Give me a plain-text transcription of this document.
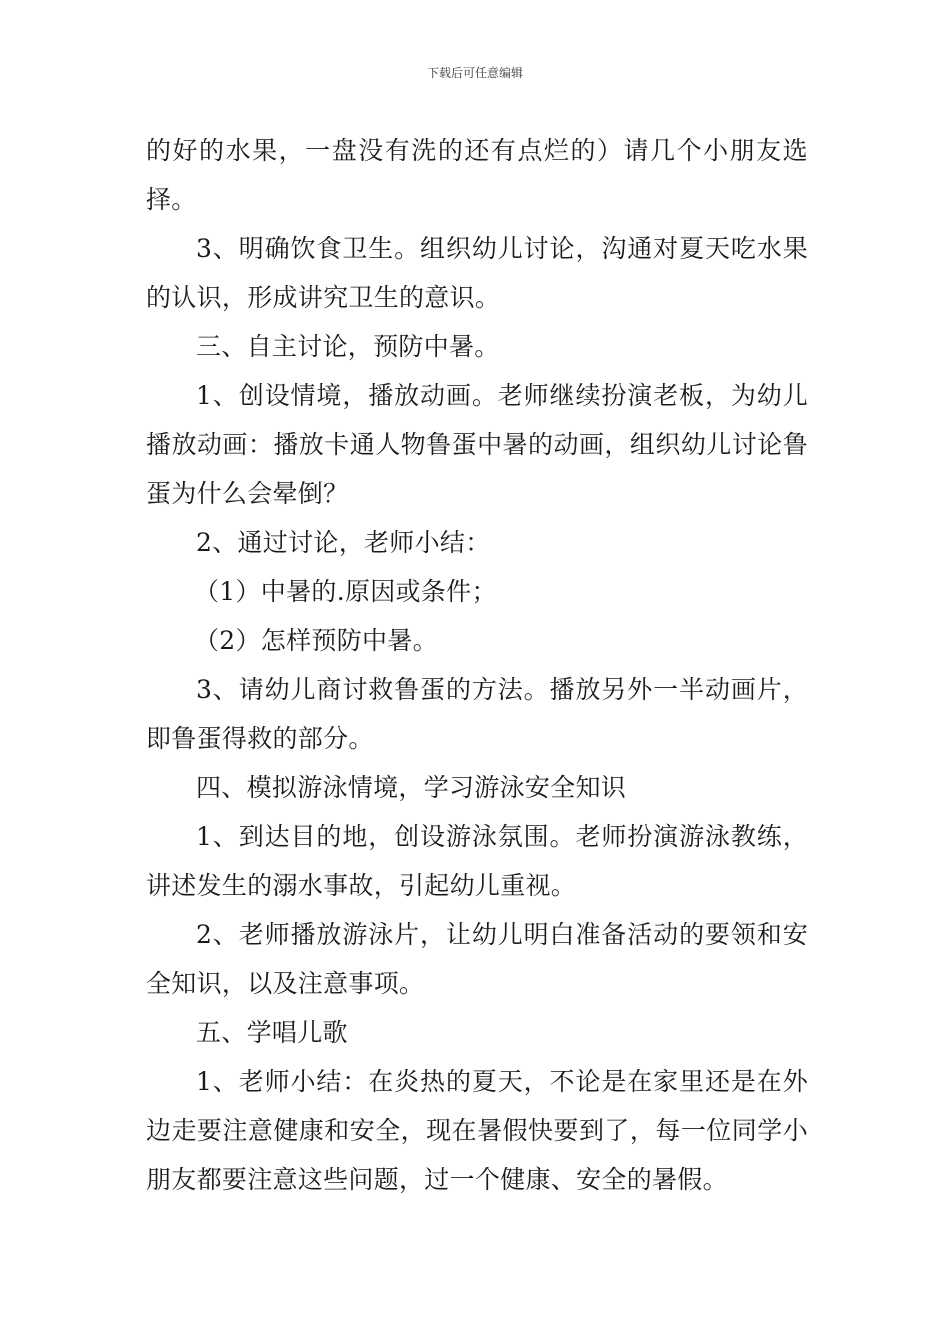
下载后可任意编辑

的好的水果，一盘没有洗的还有点烂的）请几个小朋友选择。

3、明确饮食卫生。组织幼儿讨论，沟通对夏天吃水果的认识，形成讲究卫生的意识。

三、自主讨论，预防中暑。

1、创设情境，播放动画。老师继续扮演老板，为幼儿播放动画：播放卡通人物鲁蛋中暑的动画，组织幼儿讨论鲁蛋为什么会晕倒？

2、通过讨论，老师小结：

（1）中暑的.原因或条件；

（2）怎样预防中暑。

3、请幼儿商讨救鲁蛋的方法。播放另外一半动画片，即鲁蛋得救的部分。

四、模拟游泳情境，学习游泳安全知识

1、到达目的地，创设游泳氛围。老师扮演游泳教练，讲述发生的溺水事故，引起幼儿重视。

2、老师播放游泳片，让幼儿明白准备活动的要领和安全知识，以及注意事项。

五、学唱儿歌

1、老师小结：在炎热的夏天，不论是在家里还是在外边走要注意健康和安全，现在暑假快要到了，每一位同学小朋友都要注意这些问题，过一个健康、安全的暑假。
